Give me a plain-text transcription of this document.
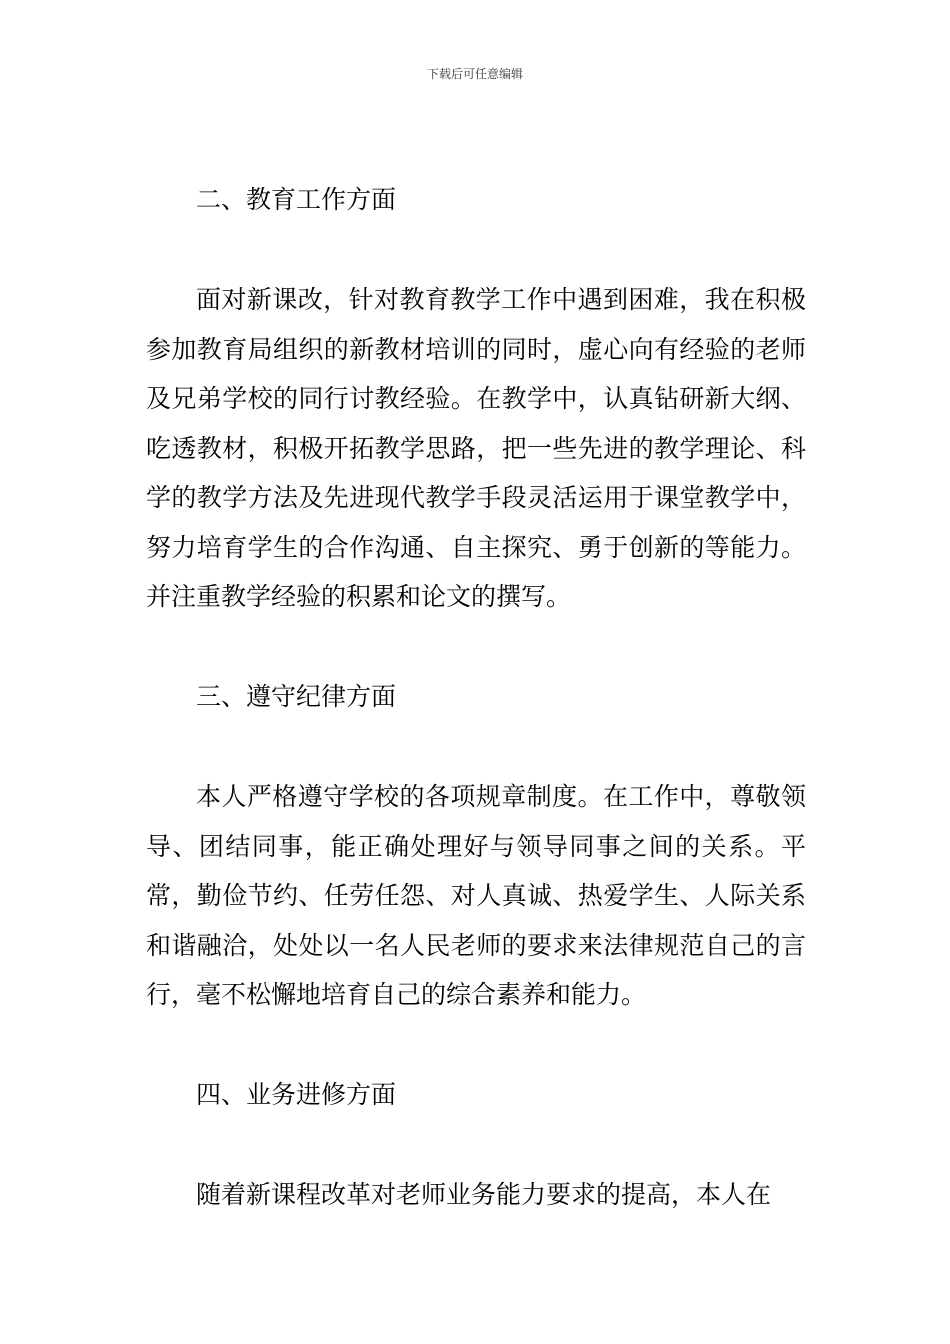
下载后可任意编辑
二、教育工作方面
面对新课改，针对教育教学工作中遇到困难，我在积极参加教育局组织的新教材培训的同时，虚心向有经验的老师及兄弟学校的同行讨教经验。在教学中，认真钻研新大纲、吃透教材，积极开拓教学思路，把一些先进的教学理论、科学的教学方法及先进现代教学手段灵活运用于课堂教学中，努力培育学生的合作沟通、自主探究、勇于创新的等能力。并注重教学经验的积累和论文的撰写。
三、遵守纪律方面
本人严格遵守学校的各项规章制度。在工作中，尊敬领导、团结同事，能正确处理好与领导同事之间的关系。平常，勤俭节约、任劳任怨、对人真诚、热爱学生、人际关系和谐融洽，处处以一名人民老师的要求来法律规范自己的言行，毫不松懈地培育自己的综合素养和能力。
四、业务进修方面
随着新课程改革对老师业务能力要求的提高，本人在
